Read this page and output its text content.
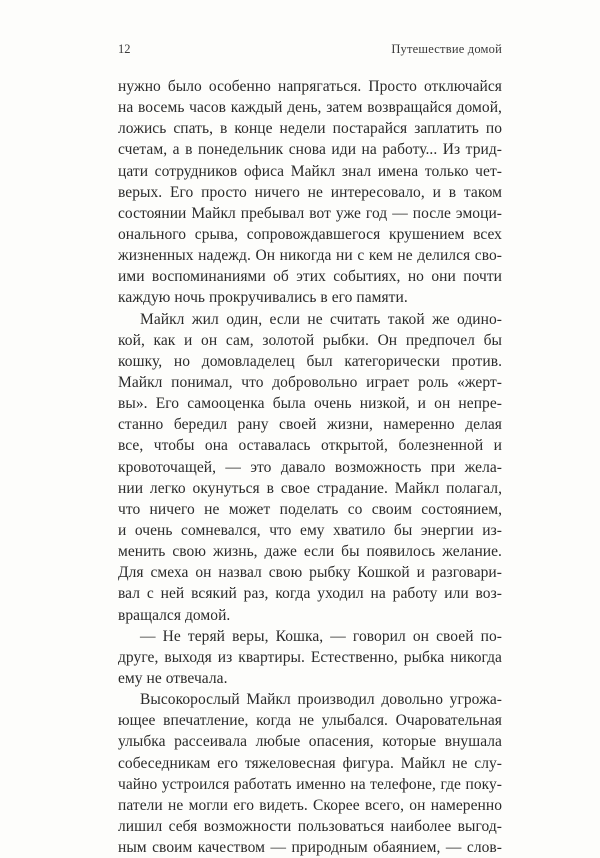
12	Путешествие домой
нужно было особенно напрягаться. Просто отключайся
на восемь часов каждый день, затем возвращайся домой,
ложись спать, в конце недели постарайся заплатить по
счетам, а в понедельник снова иди на работу... Из трид-
цати сотрудников офиса Майкл знал имена только чет-
верых. Его просто ничего не интересовало, и в таком
состоянии Майкл пребывал вот уже год — после эмоци-
онального срыва, сопровождавшегося крушением всех
жизненных надежд. Он никогда ни с кем не делился сво-
ими воспоминаниями об этих событиях, но они почти
каждую ночь прокручивались в его памяти.
Майкл жил один, если не считать такой же одино-
кой, как и он сам, золотой рыбки. Он предпочел бы
кошку, но домовладелец был категорически против.
Майкл понимал, что добровольно играет роль «жерт-
вы». Его самооценка была очень низкой, и он непре-
станно бередил рану своей жизни, намеренно делая
все, чтобы она оставалась открытой, болезненной и
кровоточащей, — это давало возможность при жела-
нии легко окунуться в свое страдание. Майкл полагал,
что ничего не может поделать со своим состоянием,
и очень сомневался, что ему хватило бы энергии из-
менить свою жизнь, даже если бы появилось желание.
Для смеха он назвал свою рыбку Кошкой и разговари-
вал с ней всякий раз, когда уходил на работу или воз-
вращался домой.
— Не теряй веры, Кошка, — говорил он своей по-
друге, выходя из квартиры. Естественно, рыбка никогда
ему не отвечала.
Высокорослый Майкл производил довольно угрожа-
ющее впечатление, когда не улыбался. Очаровательная
улыбка рассеивала любые опасения, которые внушала
собеседникам его тяжеловесная фигура. Майкл не слу-
чайно устроился работать именно на телефоне, где поку-
патели не могли его видеть. Скорее всего, он намеренно
лишил себя возможности пользоваться наиболее выгод-
ным своим качеством — природным обаянием, — слов-
